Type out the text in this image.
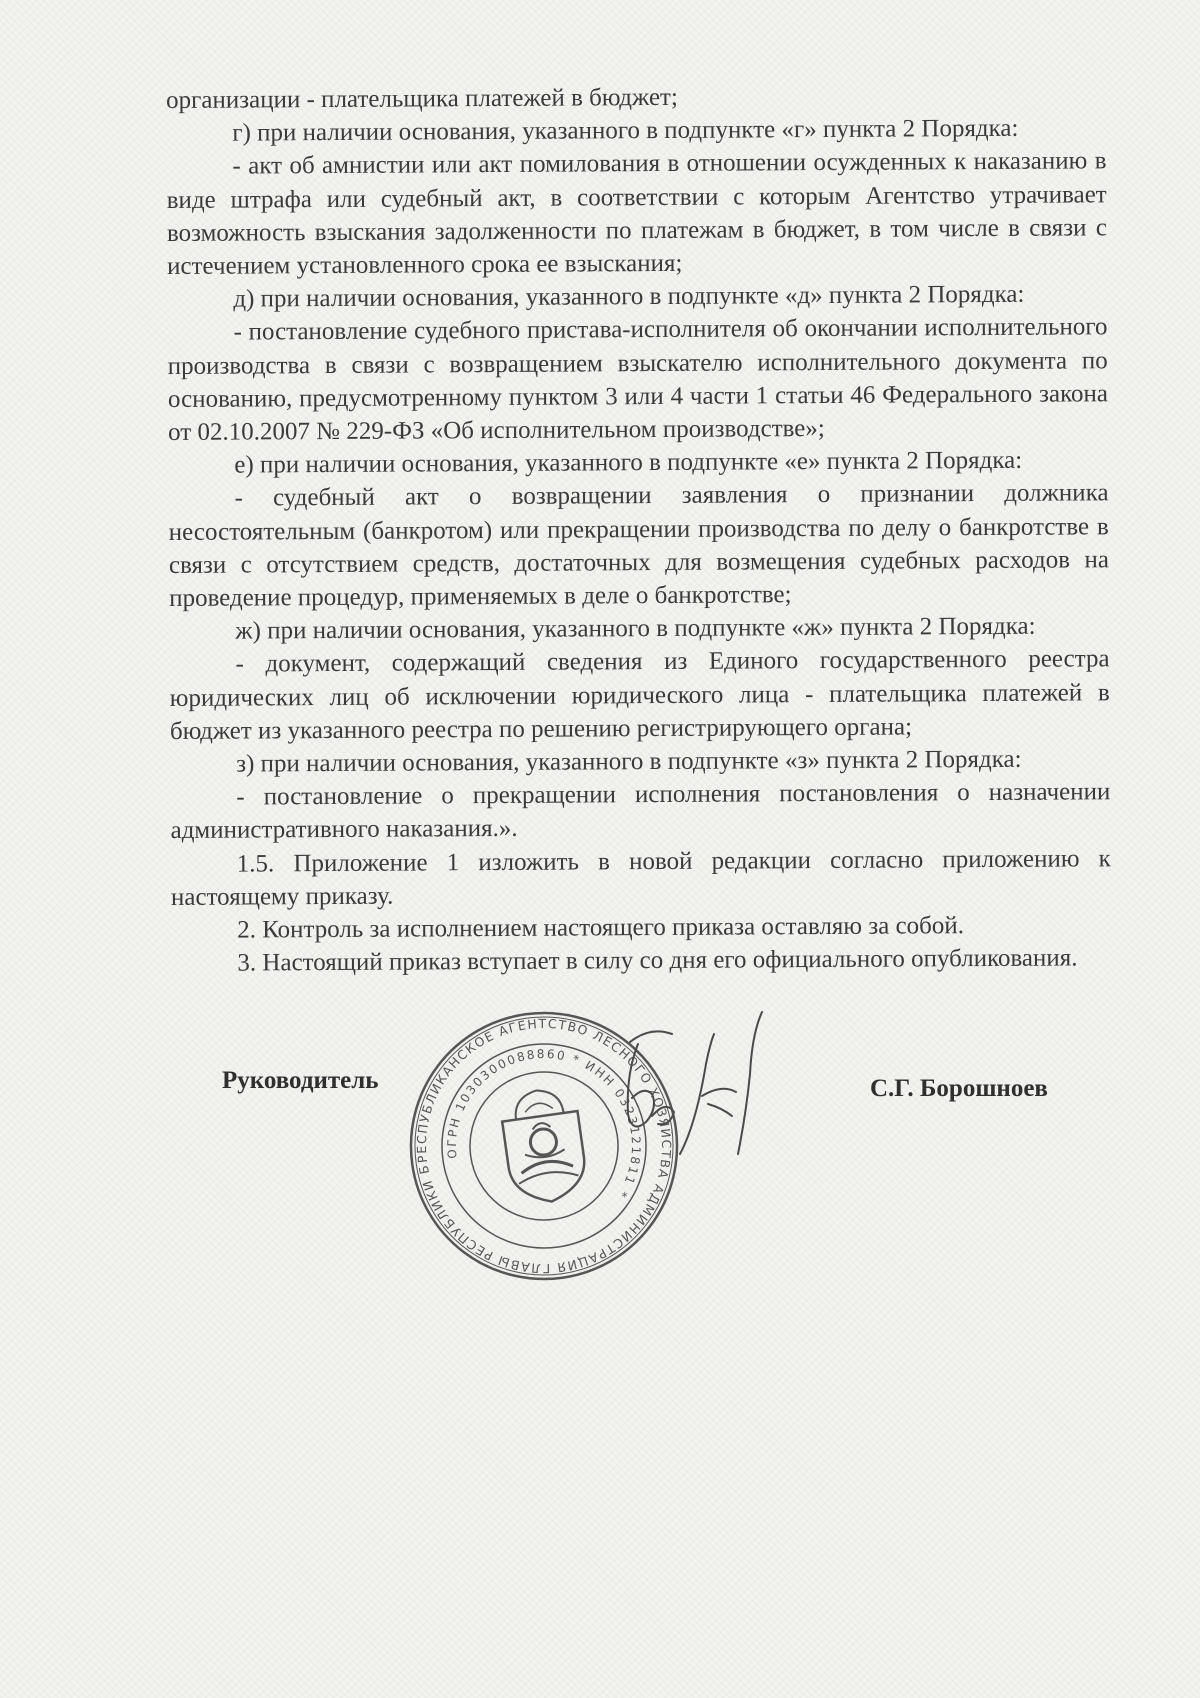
организации - плательщика платежей в бюджет;

г) при наличии основания, указанного в подпункте «г» пункта 2 Порядка:

- акт об амнистии или акт помилования в отношении осужденных к наказанию в виде штрафа или судебный акт, в соответствии с которым Агентство утрачивает возможность взыскания задолженности по платежам в бюджет, в том числе в связи с истечением установленного срока ее взыскания;

д) при наличии основания, указанного в подпункте «д» пункта 2 Порядка:

- постановление судебного пристава-исполнителя об окончании исполнительного производства в связи с возвращением взыскателю исполнительного документа по основанию, предусмотренному пунктом 3 или 4 части 1 статьи 46 Федерального закона от 02.10.2007 № 229-ФЗ «Об исполнительном производстве»;

е) при наличии основания, указанного в подпункте «е» пункта 2 Порядка:

- судебный акт о возвращении заявления о признании должника несостоятельным (банкротом) или прекращении производства по делу о банкротстве в связи с отсутствием средств, достаточных для возмещения судебных расходов на проведение процедур, применяемых в деле о банкротстве;

ж) при наличии основания, указанного в подпункте «ж» пункта 2 Порядка:

- документ, содержащий сведения из Единого государственного реестра юридических лиц об исключении юридического лица - плательщика платежей в бюджет из указанного реестра по решению регистрирующего органа;

з) при наличии основания, указанного в подпункте «з» пункта 2 Порядка:

- постановление о прекращении исполнения постановления о назначении административного наказания.».

1.5. Приложение 1 изложить в новой редакции согласно приложению к настоящему приказу.

2. Контроль за исполнением настоящего приказа оставляю за собой.

3. Настоящий приказ вступает в силу со дня его официального опубликования.

Руководитель
РЕСПУБЛИКАНСКОЕ АГЕНТСТВО ЛЕСНОГО ХОЗЯЙСТВА АДМИНИСТРАЦИЯ ГЛАВЫ РЕСПУБЛИКИ БУРЯТИЯ
ОГРН 1030300088860 * ИНН 0323121811 *
С.Г. Борошноев
